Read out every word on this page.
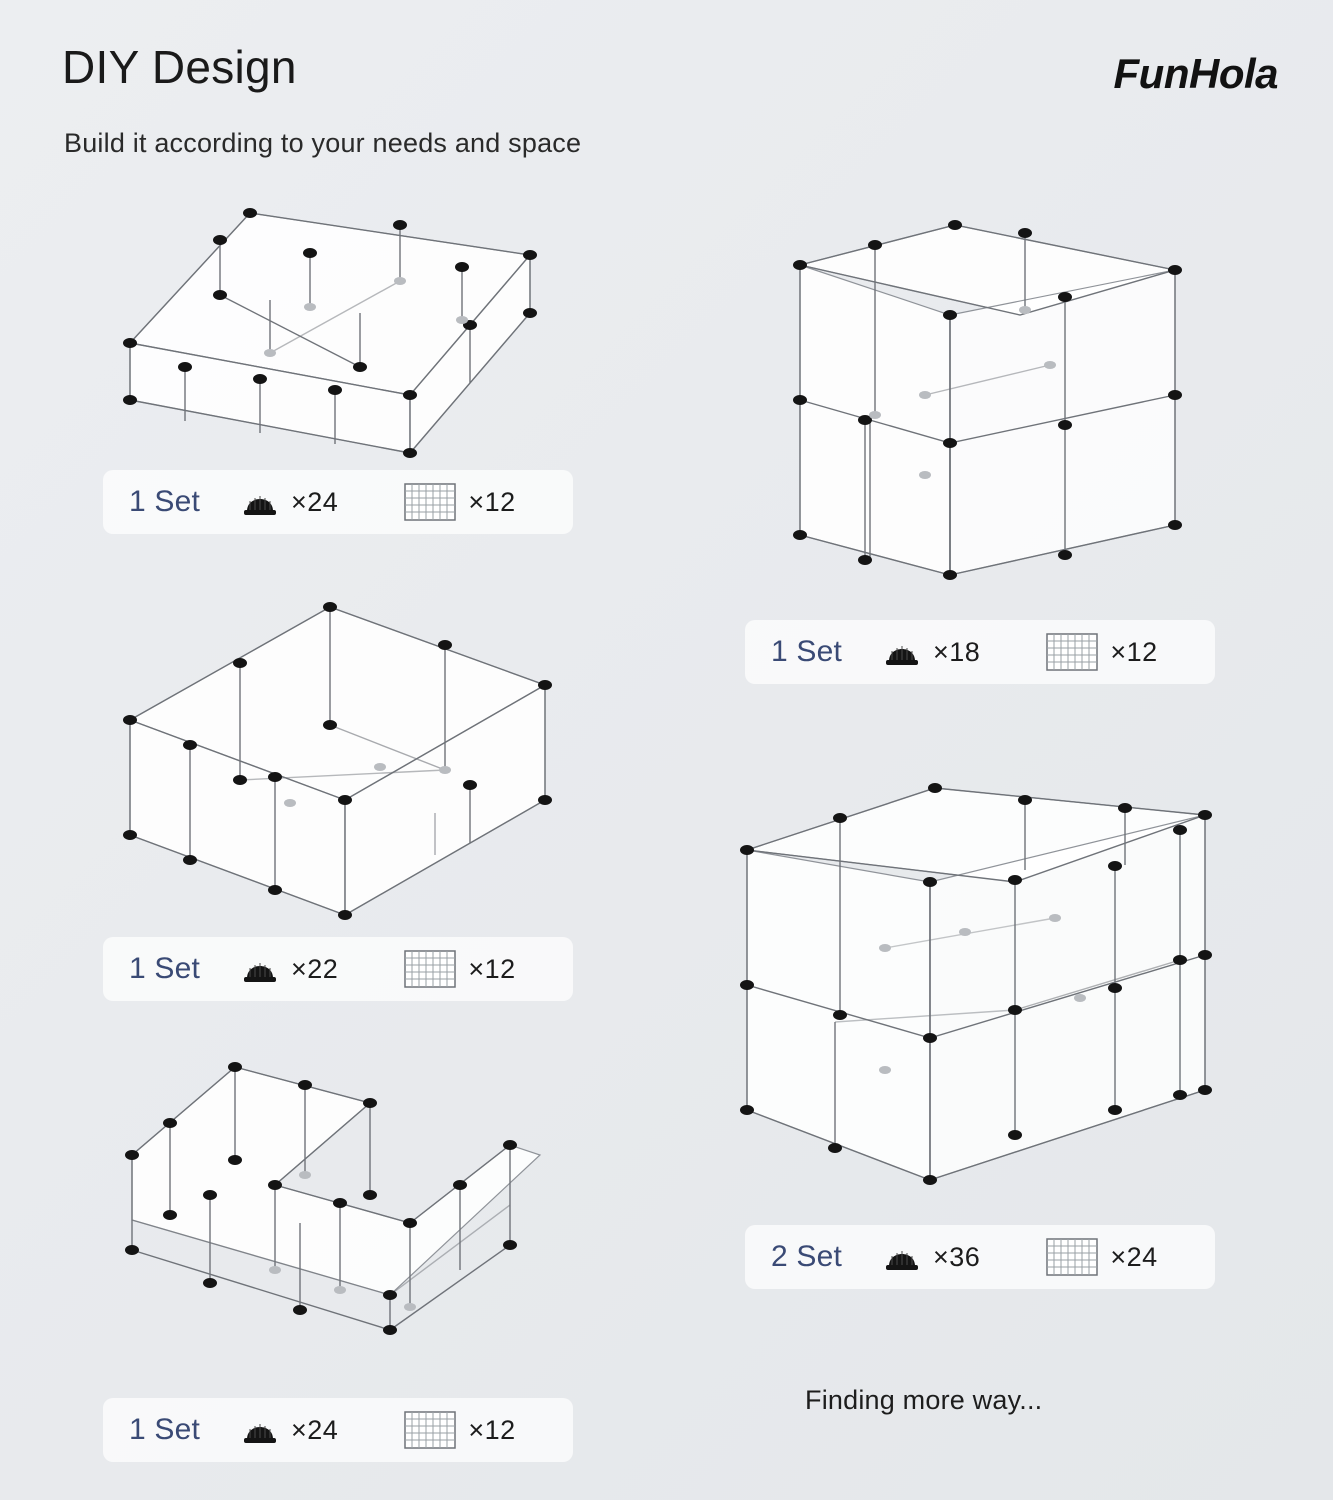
DIY Design
Build it according to your needs and space
FunHola
1 Set	×24	×12
1 Set	×18	×12
1 Set	×22	×12
2 Set	×36	×24
1 Set	×24	×12
Finding more way...
